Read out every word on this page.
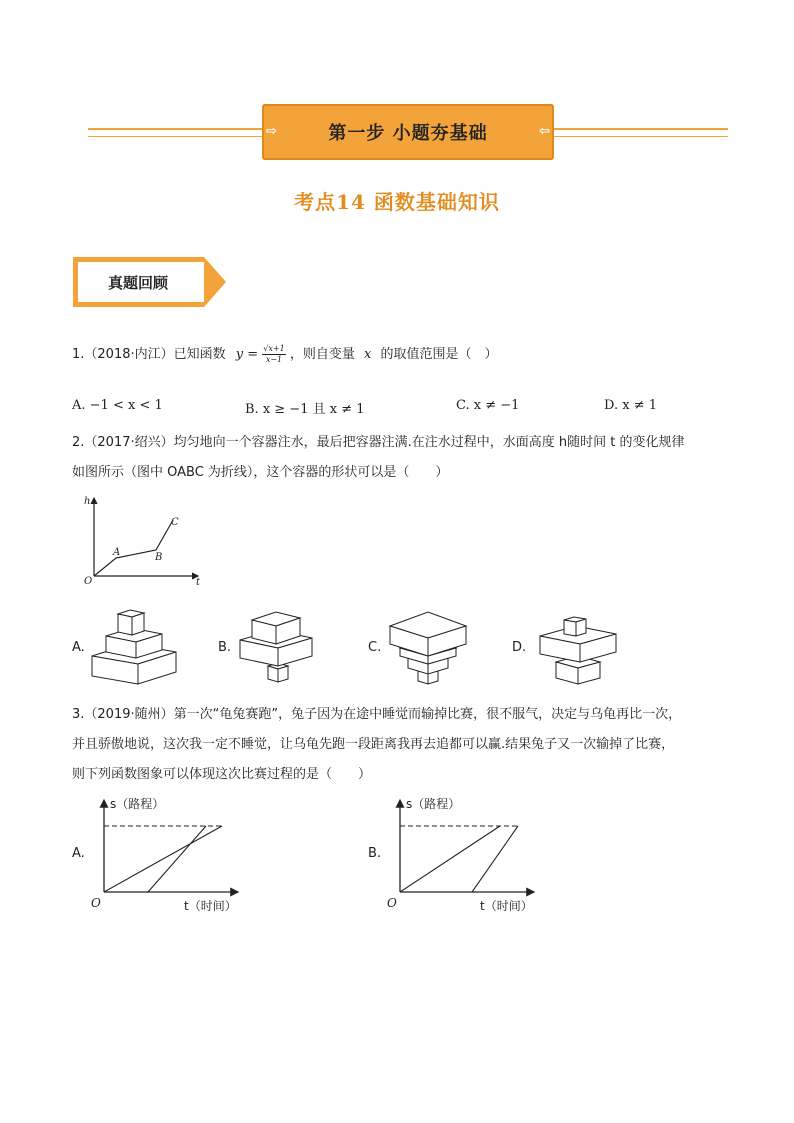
⇨	第一步 小题夯基础	⇦
考点14 函数基础知识
真题回顾
1.（2018·内江）已知函数 $y = \frac{√x+1}{x-1}$ ，则自变量 x 的取值范围是（　）
A. −1 < x < 1	B. x ≥ −1 且 x ≠ 1	C. x ≠ −1	D. x ≠ 1
2.（2017·绍兴）均匀地向一个容器注水，最后把容器注满.在注水过程中，水面高度 h随时间 t 的变化规律
如图所示（图中 OABC 为折线），这个容器的形状可以是（　　）
h
t
O
A	B
C
A.	B.	C.	D.
3.（2019·随州）第一次“龟兔赛跑”，兔子因为在途中睡觉而输掉比赛，很不服气，决定与乌龟再比一次，
并且骄傲地说，这次我一定不睡觉，让乌龟先跑一段距离我再去追都可以赢.结果兔子又一次输掉了比赛，
则下列函数图象可以体现这次比赛过程的是（　　）
A.
s（路程）
t（时间）
O
B.
s（路程）
t（时间）
O
